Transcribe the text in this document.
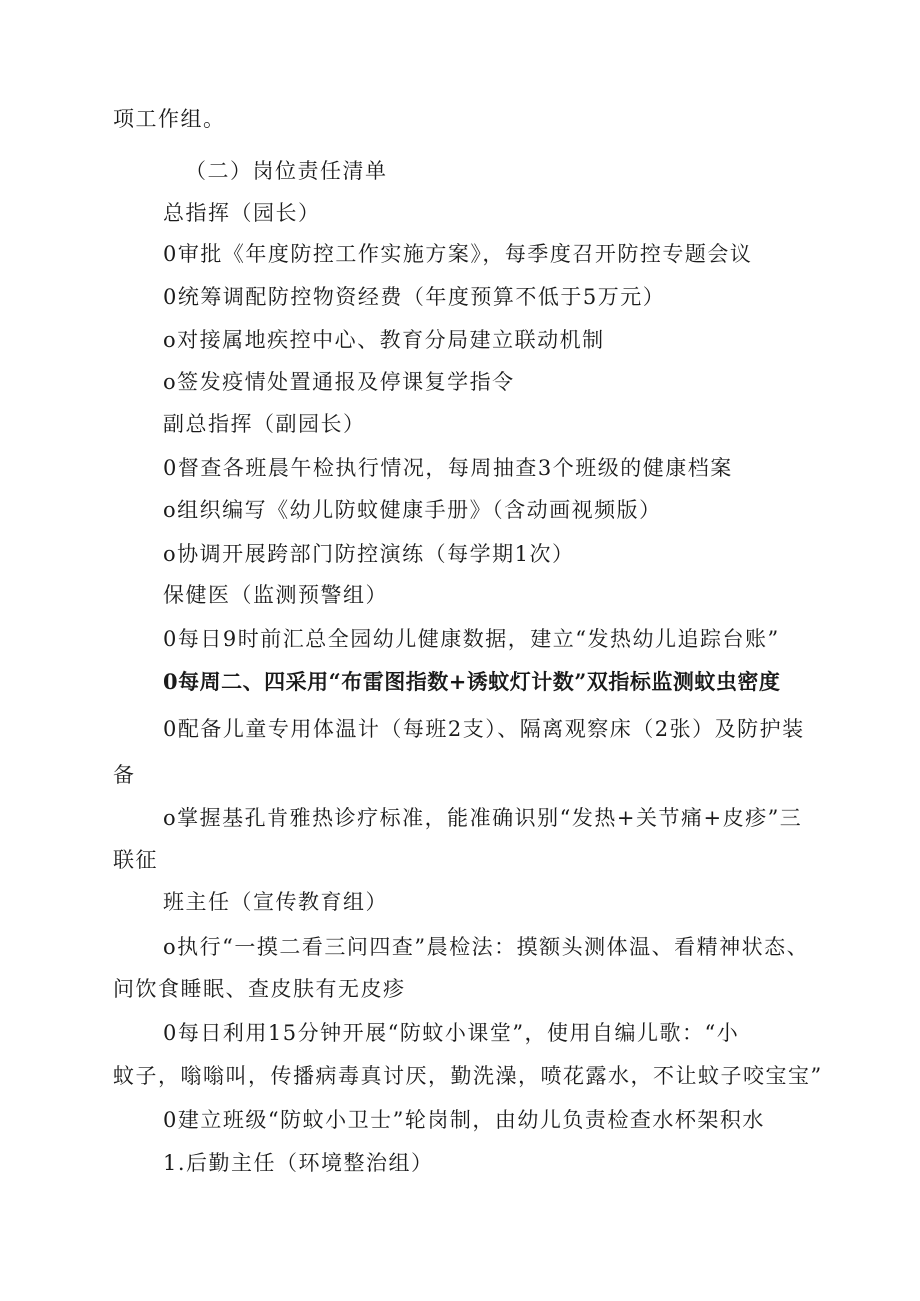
项工作组。
（二）岗位责任清单
总指挥（园长）
0审批《年度防控工作实施方案》，每季度召开防控专题会议
0统筹调配防控物资经费（年度预算不低于5万元）
o对接属地疾控中心、教育分局建立联动机制
o签发疫情处置通报及停课复学指令
副总指挥（副园长）
0督查各班晨午检执行情况，每周抽查3个班级的健康档案
o组织编写《幼儿防蚊健康手册》（含动画视频版）
o协调开展跨部门防控演练（每学期1次）
保健医（监测预警组）
0每日9时前汇总全园幼儿健康数据，建立“发热幼儿追踪台账”
0每周二、四采用“布雷图指数+诱蚊灯计数”双指标监测蚊虫密度
0配备儿童专用体温计（每班2支）、隔离观察床（2张）及防护装
备
o掌握基孔肯雅热诊疗标准，能准确识别“发热+关节痛+皮疹”三
联征
班主任（宣传教育组）
o执行“一摸二看三问四查”晨检法：摸额头测体温、看精神状态、
问饮食睡眠、查皮肤有无皮疹
0每日利用15分钟开展“防蚊小课堂”，使用自编儿歌：“小
蚊子，嗡嗡叫，传播病毒真讨厌，勤洗澡，喷花露水，不让蚊子咬宝宝”
0建立班级“防蚊小卫士”轮岗制，由幼儿负责检查水杯架积水
1.后勤主任（环境整治组）
